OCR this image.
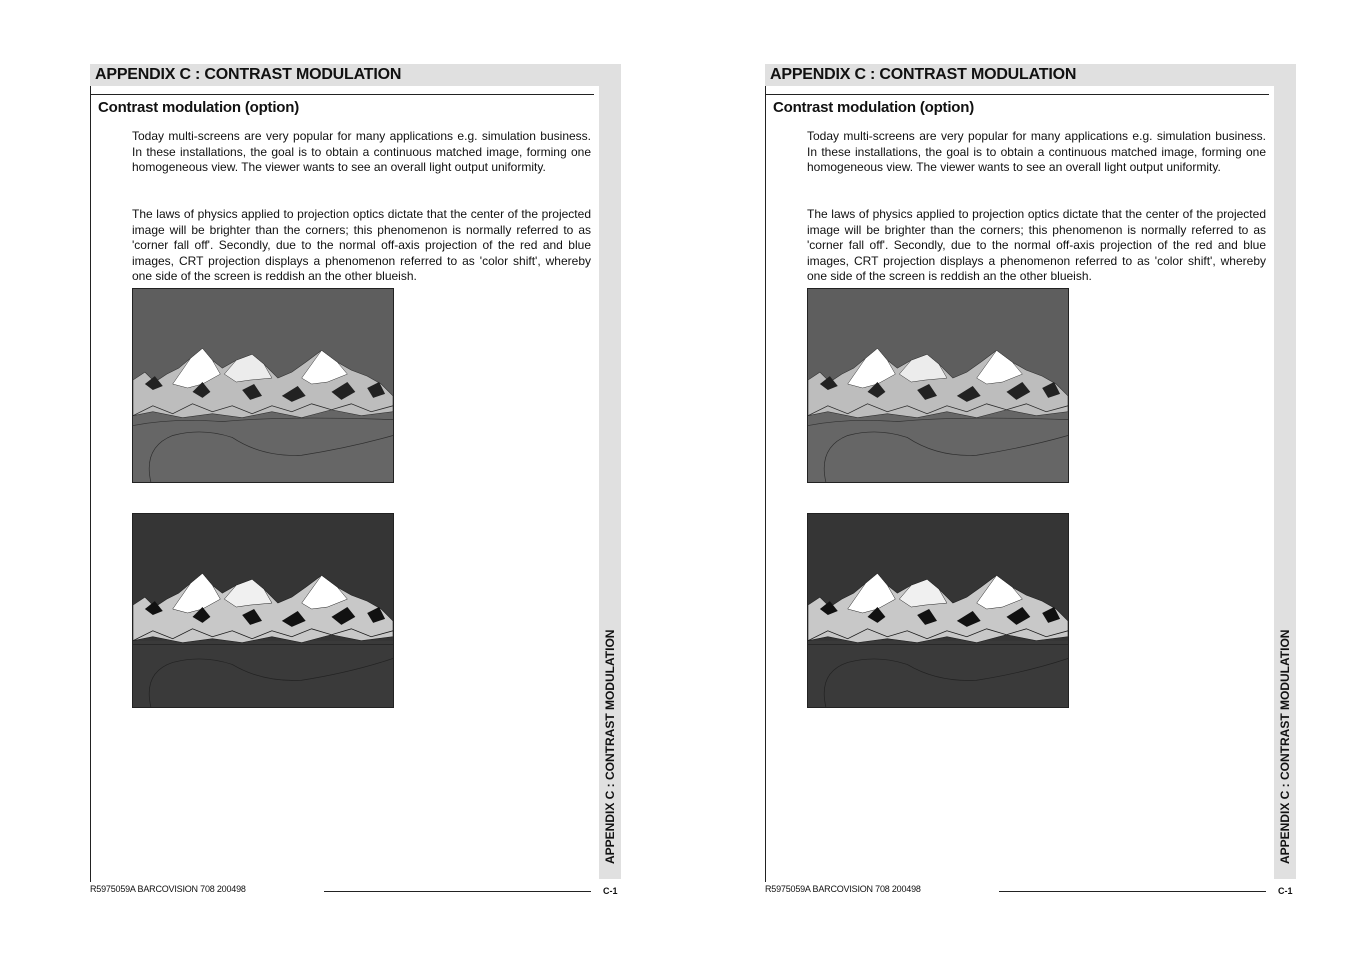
APPENDIX C : CONTRAST MODULATION
APPENDIX C : CONTRAST MODULATION
Contrast modulation (option)

Today multi-screens are very popular for many applications e.g. simulation business. In these installations, the goal is to obtain a continuous matched image, forming one homogeneous view. The viewer wants to see an overall light output uniformity.

The laws of physics applied to projection optics dictate that the center of the projected image will be brighter than the corners; this phenomenon is normally referred to as 'corner fall off'. Secondly, due to the normal off-axis projection of the red and blue images, CRT projection displays a phenomenon referred to as 'color shift', whereby one side of the screen is reddish an the other blueish.

R5975059A BARCOVISION 708 200498	C-1
APPENDIX C : CONTRAST MODULATION
APPENDIX C : CONTRAST MODULATION
Contrast modulation (option)

Today multi-screens are very popular for many applications e.g. simulation business. In these installations, the goal is to obtain a continuous matched image, forming one homogeneous view. The viewer wants to see an overall light output uniformity.

The laws of physics applied to projection optics dictate that the center of the projected image will be brighter than the corners; this phenomenon is normally referred to as 'corner fall off'. Secondly, due to the normal off-axis projection of the red and blue images, CRT projection displays a phenomenon referred to as 'color shift', whereby one side of the screen is reddish an the other blueish.

R5975059A BARCOVISION 708 200498	C-1
